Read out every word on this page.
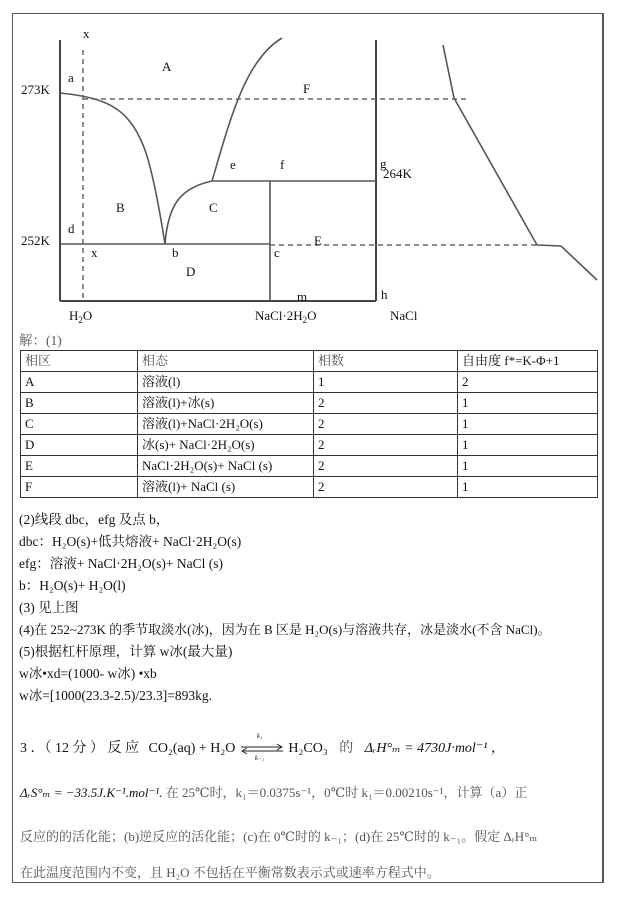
273K
264K
252K
x
a
d
x	b	c
e	f	g
h
m
A
B	C
D
E
F
$H_2O$	$NaCl\cdot 2H_2O$	NaCl
解：(1)
相区	相态	相数	自由度 f*=K-Φ+1
A	溶液(l)	1	2
B	溶液(l)+冰(s)	2	1
C	溶液(l)+NaCl·2H₂O(s)	2	1
D	冰(s)+ NaCl·2H₂O(s)	2	1
E	NaCl·2H₂O(s)+ NaCl (s)	2	1
F	溶液(l)+ NaCl (s)	2	1
(2)线段 dbc，efg 及点 b，
dbc：H₂O(s)+低共熔液+ NaCl·2H₂O(s)
efg：溶液+ NaCl·2H₂O(s)+ NaCl (s)
b：H₂O(s)+ H₂O(l)
(3) 见上图
(4)在 252~273K 的季节取淡水(冰)，因为在 B 区是 H₂O(s)与溶液共存，冰是淡水(不含 NaCl)。
(5)根据杠杆原理，计算 w冰(最大量)
w冰•xd=(1000- w冰) •xb
w冰=[1000(23.3-2.5)/23.3]=893kg.
3 ．（ 12 分 ） 反 应 CO₂(aq) + H₂O
k₁
k₋₁
H₂CO₃ 的 ΔᵣH°ₘ = 4730J·mol⁻¹ ，
ΔᵣS°ₘ = −33.5J.K⁻¹.mol⁻¹. 在 25℃时，k₁＝0.0375s⁻¹，0℃时 k₁＝0.00210s⁻¹，计算（a）正
反应的的活化能；(b)逆反应的活化能；(c)在 0℃时的 k₋₁；(d)在 25℃时的 k₋₁。假定 ΔᵣH°ₘ
在此温度范围内不变，且 H₂O 不包括在平衡常数表示式或速率方程式中。
